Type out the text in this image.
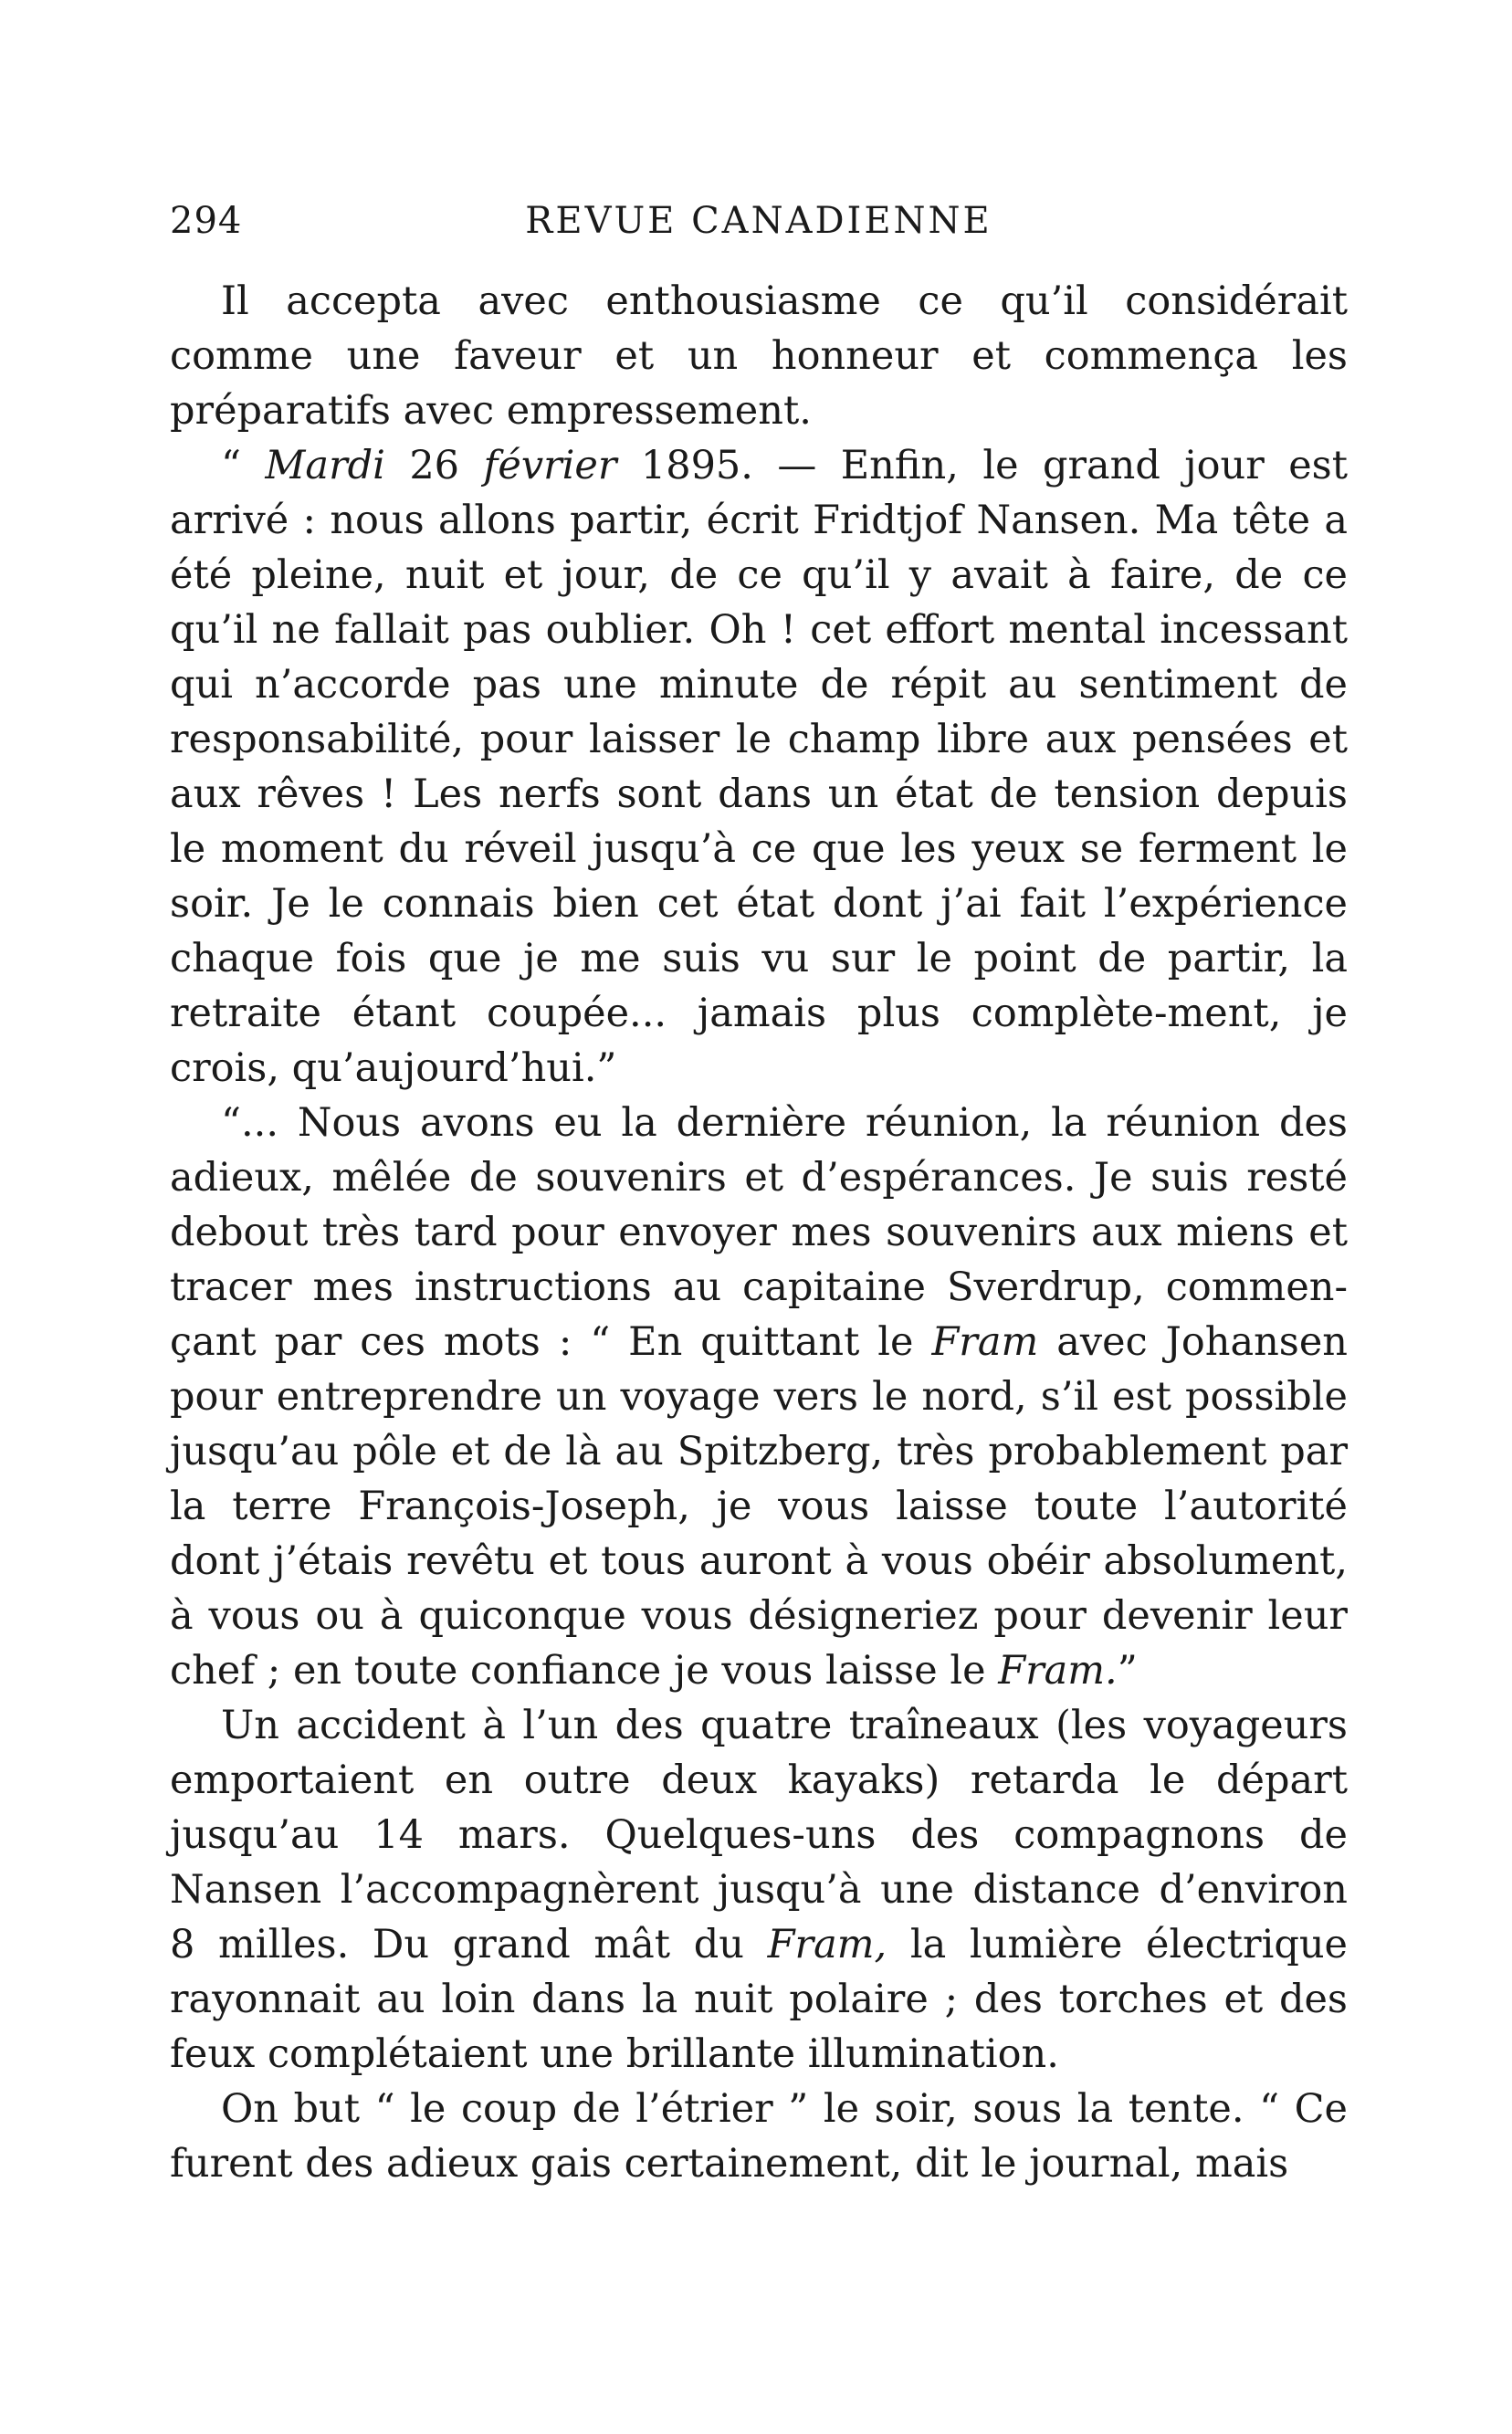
294	REVUE CANADIENNE

Il accepta avec enthousiasme ce qu’il considérait comme une faveur et un honneur et commença les préparatifs avec empressement.

“ Mardi 26 février 1895. — Enfin, le grand jour est arrivé : nous allons partir, écrit Fridtjof Nansen. Ma tête a été pleine, nuit et jour, de ce qu’il y avait à faire, de ce qu’il ne fallait pas oublier. Oh ! cet effort mental incessant qui n’accorde pas une minute de répit au sentiment de responsabilité, pour laisser le champ libre aux pensées et aux rêves ! Les nerfs sont dans un état de tension depuis le moment du réveil jusqu’à ce que les yeux se ferment le soir. Je le connais bien cet état dont j’ai fait l’expérience chaque fois que je me suis vu sur le point de partir, la retraite étant coupée... jamais plus complète-ment, je crois, qu’aujourd’hui.”

“... Nous avons eu la dernière réunion, la réunion des adieux, mêlée de souvenirs et d’espérances. Je suis resté debout très tard pour envoyer mes souvenirs aux miens et tracer mes instructions au capitaine Sverdrup, commen-çant par ces mots : “ En quittant le Fram avec Johansen pour entreprendre un voyage vers le nord, s’il est possible jusqu’au pôle et de là au Spitzberg, très probablement par la terre François-Joseph, je vous laisse toute l’autorité dont j’étais revêtu et tous auront à vous obéir absolument, à vous ou à quiconque vous désigneriez pour devenir leur chef ; en toute confiance je vous laisse le Fram.”

Un accident à l’un des quatre traîneaux (les voyageurs emportaient en outre deux kayaks) retarda le départ jusqu’au 14 mars. Quelques-uns des compagnons de Nansen l’accompagnèrent jusqu’à une distance d’environ 8 milles. Du grand mât du Fram, la lumière électrique rayonnait au loin dans la nuit polaire ; des torches et des feux complétaient une brillante illumination.

On but “ le coup de l’étrier ” le soir, sous la tente. “ Ce furent des adieux gais certainement, dit le journal, mais
